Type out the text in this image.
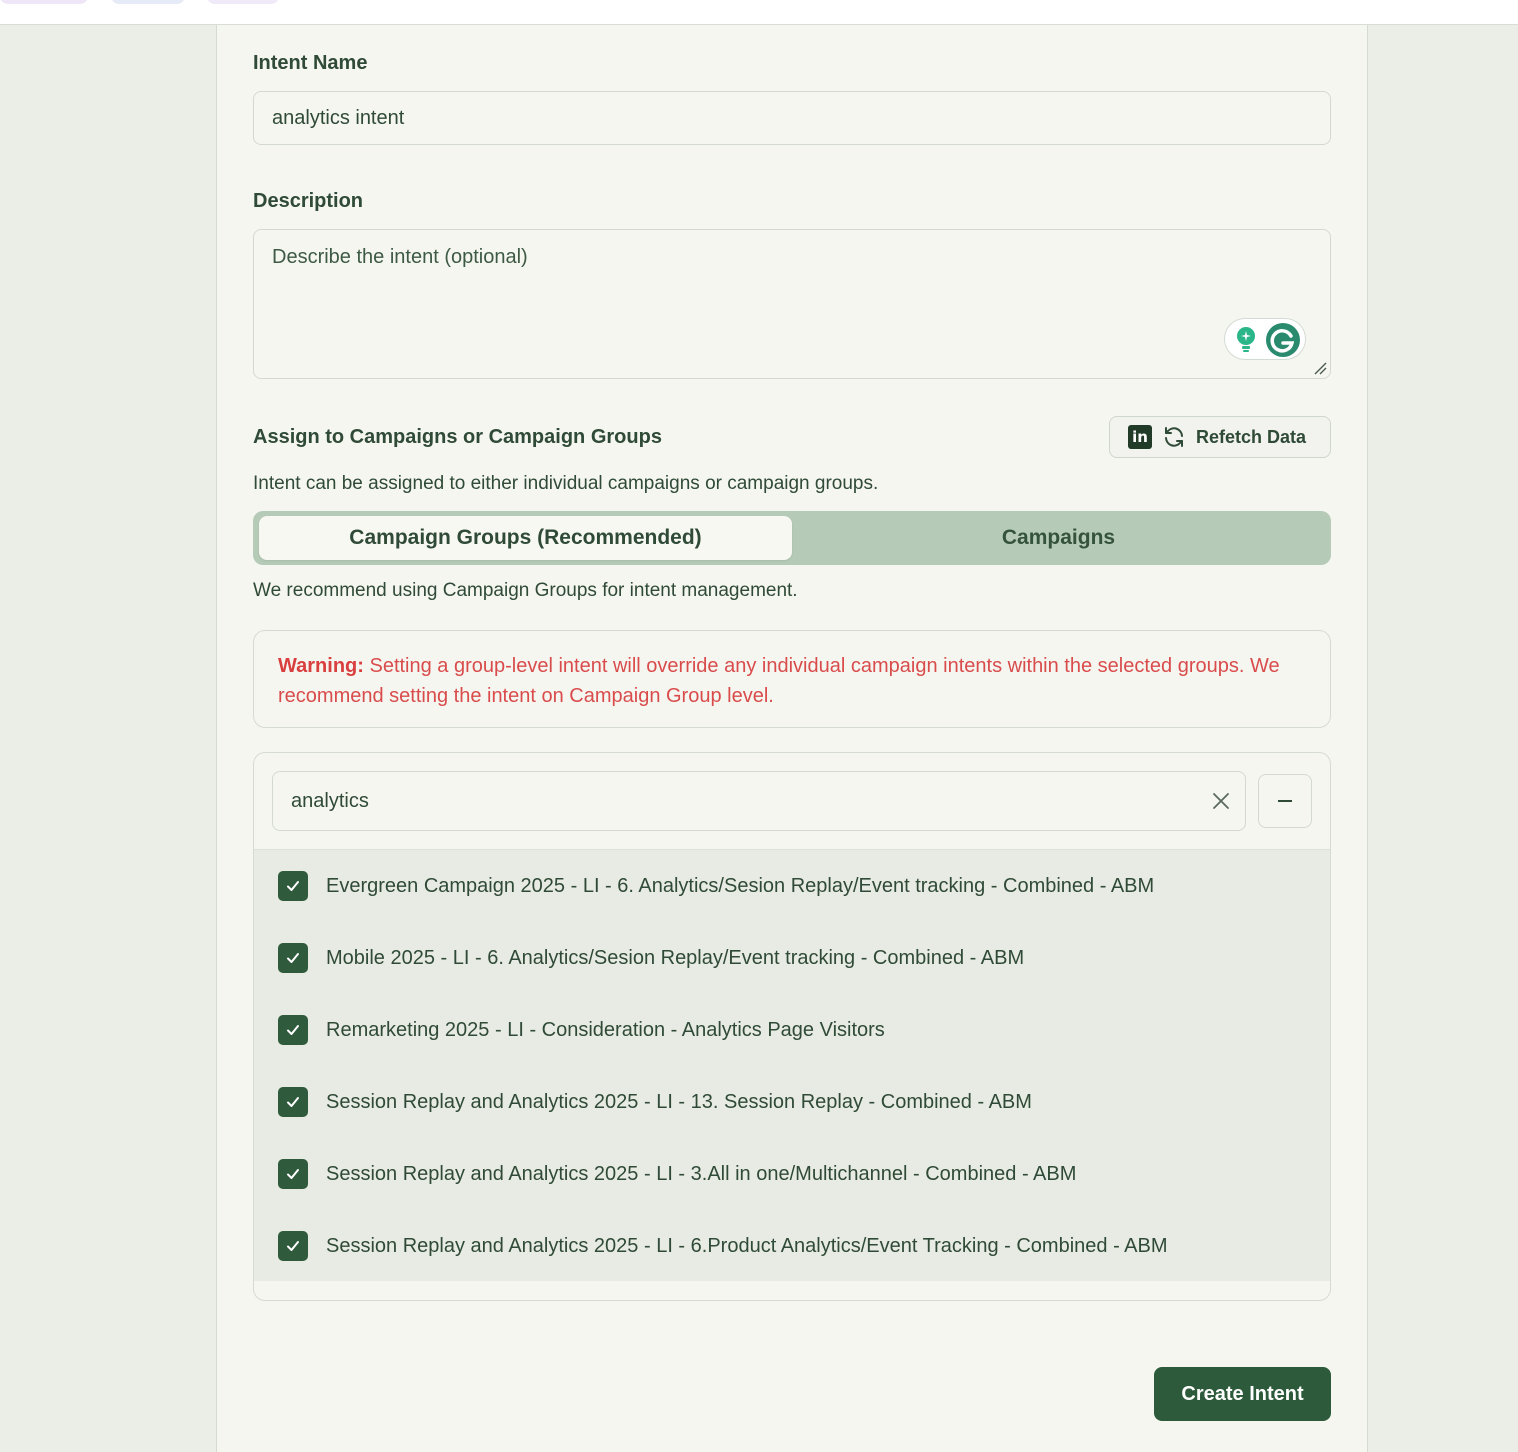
Intent Name
analytics intent
Description
Describe the intent (optional)
Assign to Campaigns or Campaign Groups	in	Refetch Data
Intent can be assigned to either individual campaigns or campaign groups.
Campaign Groups (Recommended)	Campaigns
We recommend using Campaign Groups for intent management.
Warning: Setting a group-level intent will override any individual campaign intents within the selected groups. We recommend setting the intent on Campaign Group level.
analytics
Evergreen Campaign 2025 - LI - 6. Analytics/Sesion Replay/Event tracking - Combined - ABM
Mobile 2025 - LI - 6. Analytics/Sesion Replay/Event tracking - Combined - ABM
Remarketing 2025 - LI - Consideration - Analytics Page Visitors
Session Replay and Analytics 2025 - LI - 13. Session Replay - Combined - ABM
Session Replay and Analytics 2025 - LI - 3.All in one/Multichannel - Combined - ABM
Session Replay and Analytics 2025 - LI - 6.Product Analytics/Event Tracking - Combined - ABM
Create Intent
